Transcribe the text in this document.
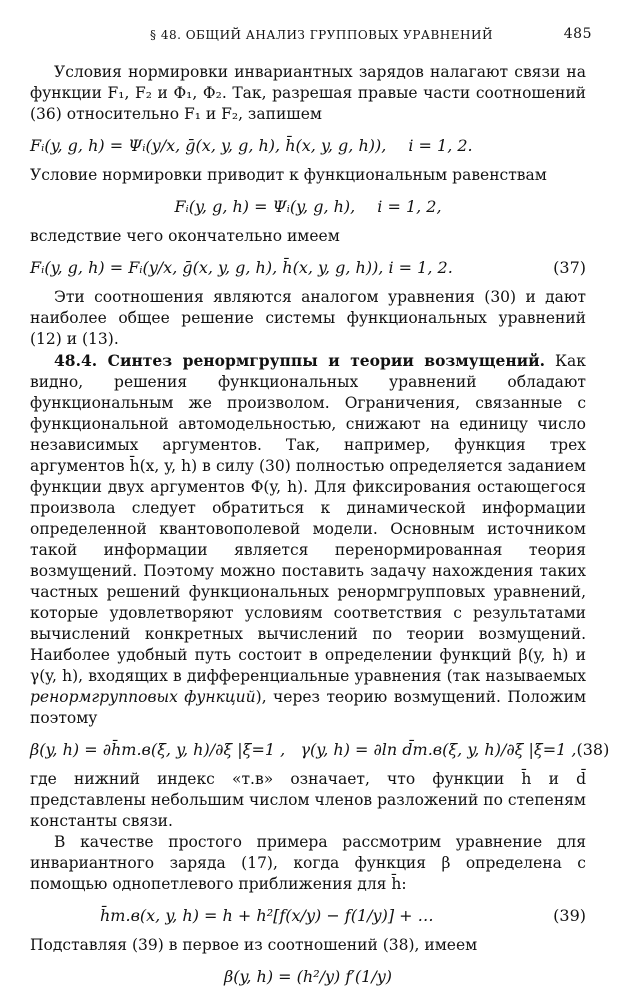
§ 48. ОБЩИЙ АНАЛИЗ ГРУППОВЫХ УРАВНЕНИЙ	485

Условия нормировки инвариантных зарядов налагают связи на функции F₁, F₂ и Φ₁, Φ₂. Так, разрешая правые части соотношений (36) относительно F₁ и F₂, запишем

Fᵢ(y, g, h) = Ψᵢ(y/x, ḡ(x, y, g, h), h̄(x, y, g, h)), i = 1, 2.

Условие нормировки приводит к функциональным равенствам

Fᵢ(y, g, h) = Ψᵢ(y, g, h), i = 1, 2,

вследствие чего окончательно имеем

Fᵢ(y, g, h) = Fᵢ(y/x, ḡ(x, y, g, h), h̄(x, y, g, h)), i = 1, 2.	(37)

Эти соотношения являются аналогом уравнения (30) и дают наиболее общее решение системы функциональных уравнений (12) и (13).

48.4. Синтез ренормгруппы и теории возмущений. Как видно, решения функциональных уравнений обладают функциональным же произволом. Ограничения, связанные с функциональной автомодельностью, снижают на единицу число независимых аргументов. Так, например, функция трех аргументов h̄(x, y, h) в силу (30) полностью определяется заданием функции двух аргументов Φ(y, h). Для фиксирования остающегося произвола следует обратиться к динамической информации определенной квантовополевой модели. Основным источником такой информации является перенормированная теория возмущений. Поэтому можно поставить задачу нахождения таких частных решений функциональных ренормгрупповых уравнений, которые удовлетворяют условиям соответствия с результатами вычислений конкретных вычислений по теории возмущений. Наиболее удобный путь состоит в определении функций β(y, h) и γ(y, h), входящих в дифференциальные уравнения (так называемых ренормгрупповых функций), через теорию возмущений. Положим поэтому

β(y, h) = ∂h̄т.в(ξ, y, h)/∂ξ |ξ=1 ,   γ(y, h) = ∂ln d̄т.в(ξ, y, h)/∂ξ |ξ=1 , (38)

где нижний индекс «т.в» означает, что функции h̄ и d̄ представлены небольшим числом членов разложений по степеням константы связи.

В качестве простого примера рассмотрим уравнение для инвариантного заряда (17), когда функция β определена с помощью однопетлевого приближения для h̄:

h̄т.в(x, y, h) = h + h²[f(x/y) − f(1/y)] + …	(39)

Подставляя (39) в первое из соотношений (38), имеем

β(y, h) = (h²/y) f′(1/y)
